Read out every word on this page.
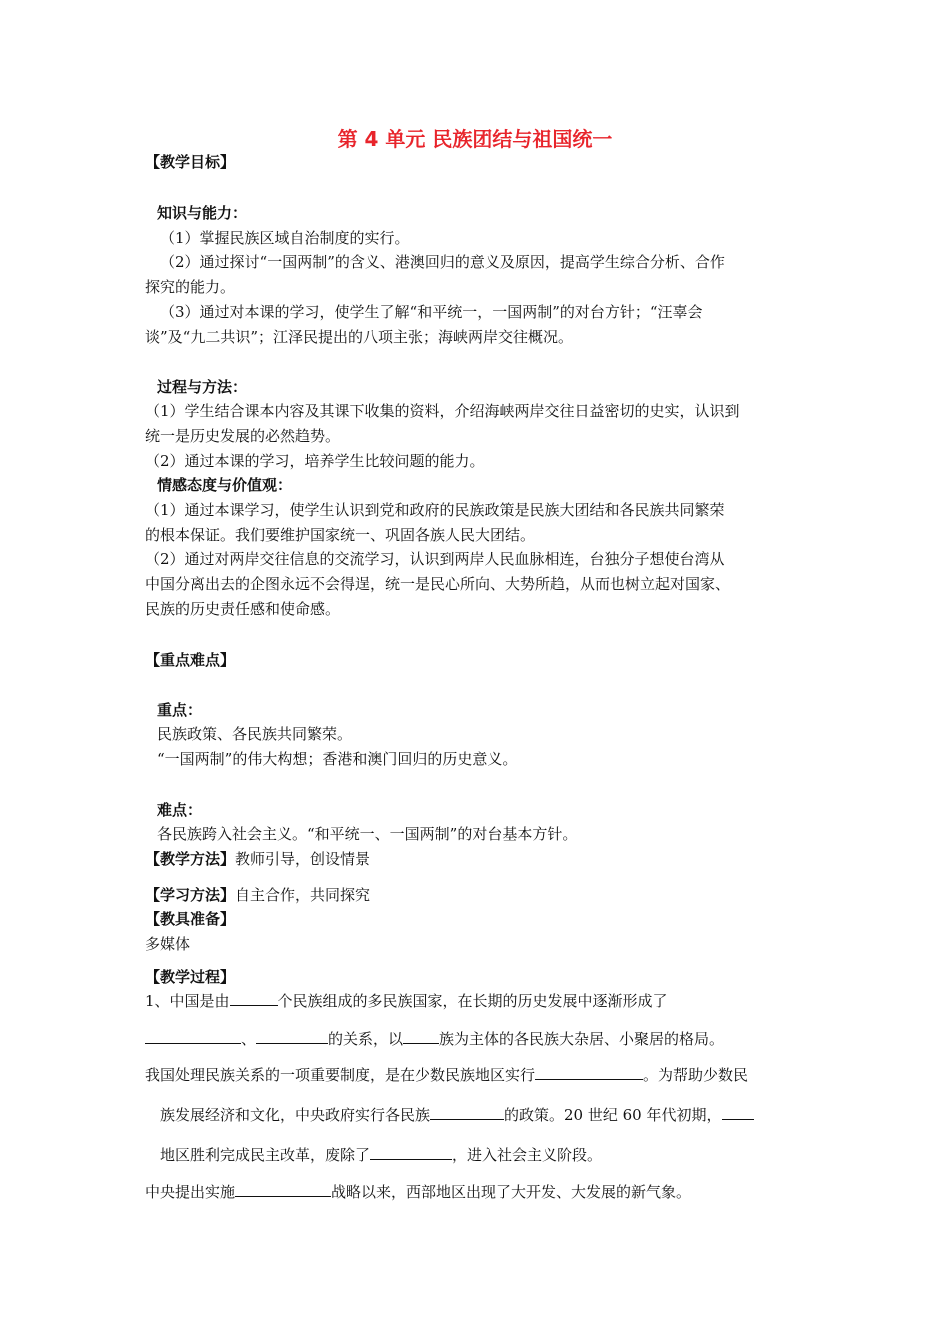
第 4 单元 民族团结与祖国统一
【教学目标】
知识与能力：
（1）掌握民族区域自治制度的实行。
（2）通过探讨“一国两制”的含义、港澳回归的意义及原因，提高学生综合分析、合作
探究的能力。
（3）通过对本课的学习，使学生了解“和平统一，一国两制”的对台方针；“汪辜会
谈”及“九二共识”；江泽民提出的八项主张；海峡两岸交往概况。
过程与方法：
（1）学生结合课本内容及其课下收集的资料，介绍海峡两岸交往日益密切的史实，认识到
统一是历史发展的必然趋势。
（2）通过本课的学习，培养学生比较问题的能力。
情感态度与价值观：
（1）通过本课学习，使学生认识到党和政府的民族政策是民族大团结和各民族共同繁荣
的根本保证。我们要维护国家统一、巩固各族人民大团结。
（2）通过对两岸交往信息的交流学习，认识到两岸人民血脉相连，台独分子想使台湾从
中国分离出去的企图永远不会得逞，统一是民心所向、大势所趋，从而也树立起对国家、
民族的历史责任感和使命感。
【重点难点】
重点：
民族政策、各民族共同繁荣。
“一国两制”的伟大构想；香港和澳门回归的历史意义。
难点：
各民族跨入社会主义。“和平统一、一国两制”的对台基本方针。
【教学方法】教师引导，创设情景
【学习方法】自主合作，共同探究
【教具准备】
多媒体
【教学过程】
1、中国是由	个民族组成的多民族国家，在长期的历史发展中逐渐形成了
、	的关系，以 族为主体的各民族大杂居、小聚居的格局。
我国处理民族关系的一项重要制度，是在少数民族地区实行	。为帮助少数民
族发展经济和文化，中央政府实行各民族	的政策。20 世纪 60 年代初期，
地区胜利完成民主改革，废除了	，进入社会主义阶段。
中央提出实施	战略以来，西部地区出现了大开发、大发展的新气象。
